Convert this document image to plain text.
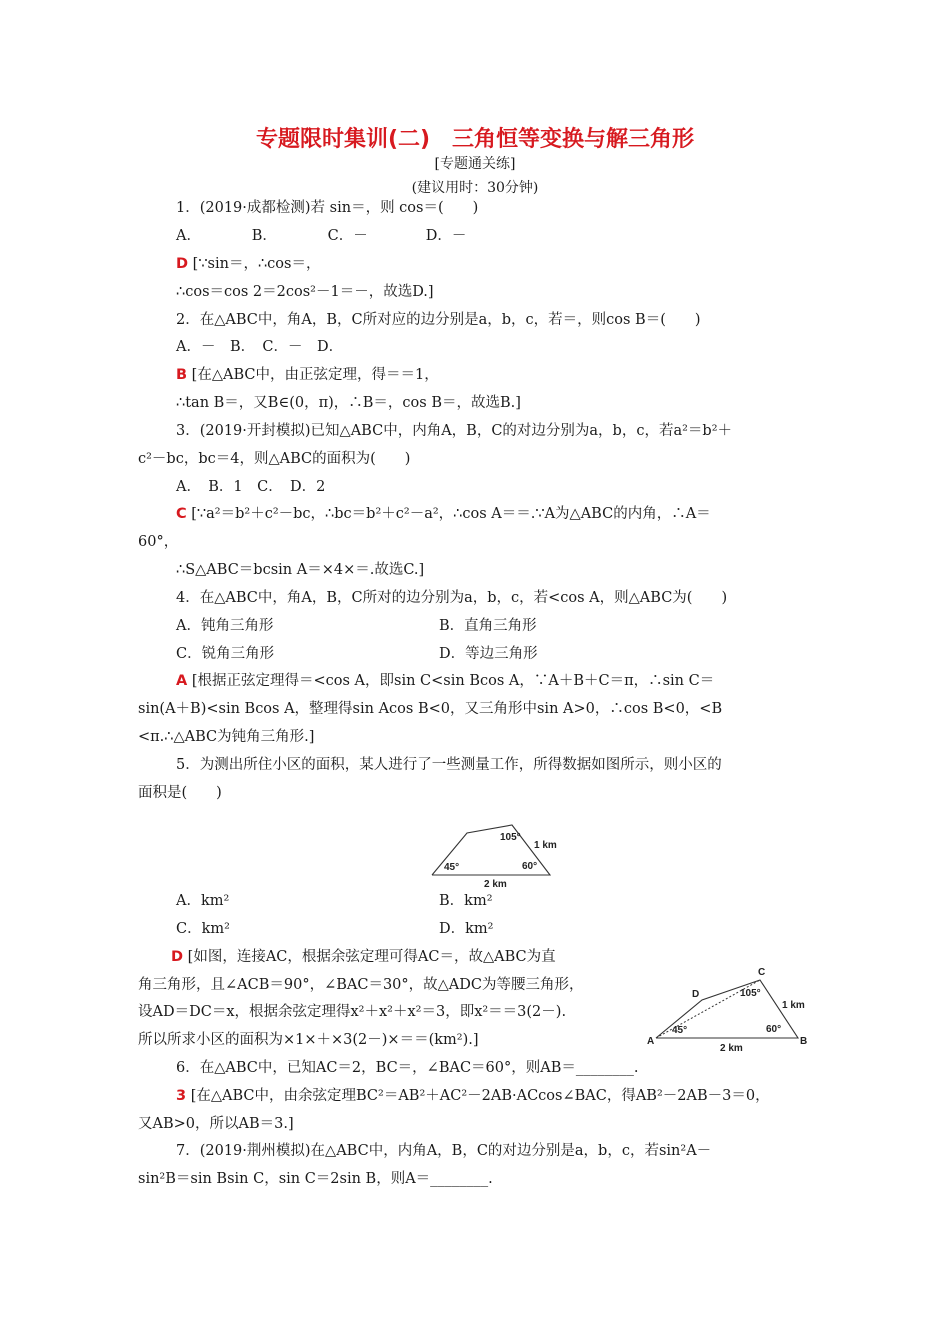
专题限时集训(二)　三角恒等变换与解三角形
[专题通关练]
(建议用时：30分钟)
1．(2019·成都检测)若 sin＝，则 cos＝(　　)
A．　　　　B．　　　　C．－　　　　D．－
D [∵sin＝，∴cos＝，
∴cos＝cos 2＝2cos²－1＝－，故选D.]
2．在△ABC中，角A，B，C所对应的边分别是a，b，c，若＝，则cos B＝(　　)
A．－　B．　C．－　D．
B [在△ABC中，由正弦定理，得＝＝1，
∴tan B＝，又B∈(0，π)，∴B＝，cos B＝，故选B.]
3．(2019·开封模拟)已知△ABC中，内角A，B，C的对边分别为a，b，c，若a²＝b²＋
c²－bc，bc＝4，则△ABC的面积为(　　)
A．　B．1　C．　D．2
C [∵a²＝b²＋c²－bc，∴bc＝b²＋c²－a²，∴cos A＝＝.∵A为△ABC的内角，∴A＝
60°，
∴S△ABC＝bcsin A＝×4×＝.故选C.]
4．在△ABC中，角A，B，C所对的边分别为a，b，c，若<cos A，则△ABC为(　　)
A．钝角三角形	B．直角三角形
C．锐角三角形	D．等边三角形
A [根据正弦定理得＝<cos A，即sin C<sin Bcos A，∵A＋B＋C＝π，∴sin C＝
sin(A＋B)<sin Bcos A，整理得sin Acos B<0，又三角形中sin A>0，∴cos B<0，<B
<π.∴△ABC为钝角三角形.]
5．为测出所住小区的面积，某人进行了一些测量工作，所得数据如图所示，则小区的
面积是(　　)
A．km²	B．km²
C．km²	D．km²
D [如图，连接AC，根据余弦定理可得AC＝，故△ABC为直
角三角形，且∠ACB＝90°，∠BAC＝30°，故△ADC为等腰三角形，
设AD＝DC＝x，根据余弦定理得x²＋x²＋x²＝3，即x²＝＝3(2－).
所以所求小区的面积为×1×＋×3(2－)×＝＝(km²).]
6．在△ABC中，已知AC＝2，BC＝，∠BAC＝60°，则AB＝________.
3 [在△ABC中，由余弦定理BC²＝AB²＋AC²－2AB·ACcos∠BAC，得AB²－2AB－3＝0，
又AB>0，所以AB＝3.]
7．(2019·荆州模拟)在△ABC中，内角A，B，C的对边分别是a，b，c，若sin²A－
sin²B＝sin Bsin C，sin C＝2sin B，则A＝________.
105°
1 km
45°	60°
2 km
C
D
A	B
105°
1 km
45°	60°
2 km
